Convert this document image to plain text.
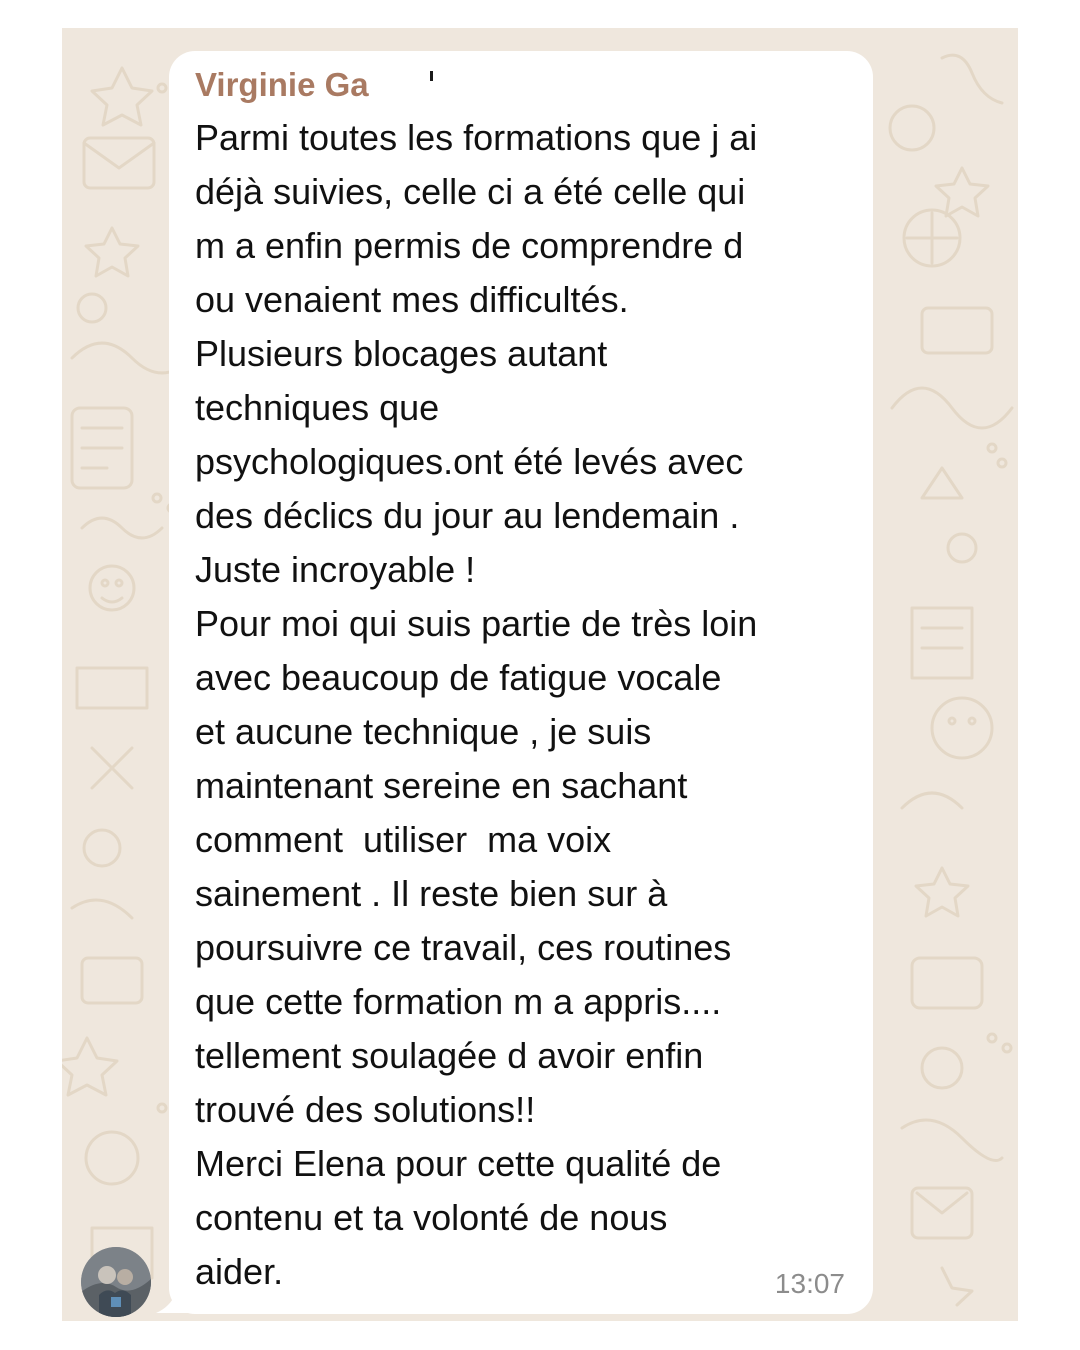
Virginie Ga
Parmi toutes les formations que j ai
déjà suivies, celle ci a été celle qui
m a enfin permis de comprendre d
ou venaient mes difficultés.
Plusieurs blocages autant
techniques que
psychologiques.ont été levés avec
des déclics du jour au lendemain .
Juste incroyable !
Pour moi qui suis partie de très loin
avec beaucoup de fatigue vocale
et aucune technique , je suis
maintenant sereine en sachant
comment  utiliser  ma voix
sainement . Il reste bien sur à
poursuivre ce travail, ces routines
que cette formation m a appris....
tellement soulagée d avoir enfin
trouvé des solutions!!
Merci Elena pour cette qualité de
contenu et ta volonté de nous
aider.	13:07
